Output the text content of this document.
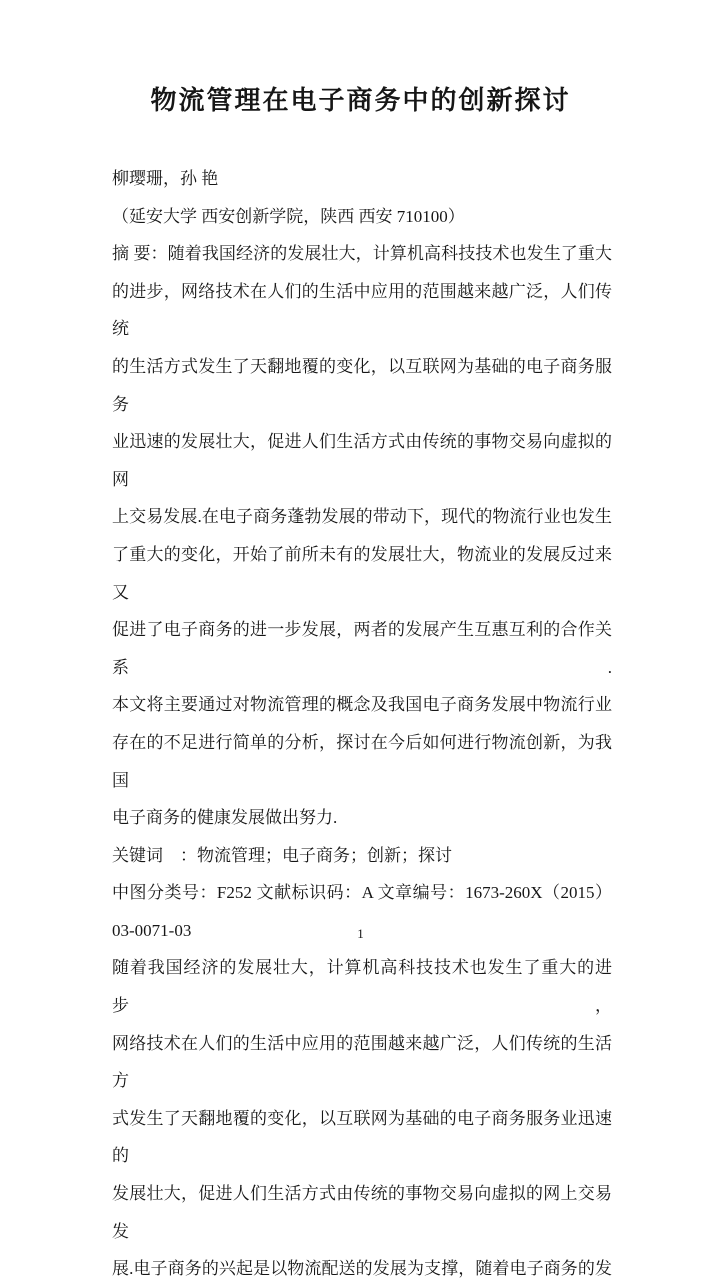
物流管理在电子商务中的创新探讨
柳璎珊，孙 艳
（延安大学 西安创新学院，陕西 西安 710100）
摘 要：随着我国经济的发展壮大，计算机高科技技术也发生了重大
的进步，网络技术在人们的生活中应用的范围越来越广泛，人们传统
的生活方式发生了天翻地覆的变化，以互联网为基础的电子商务服务
业迅速的发展壮大，促进人们生活方式由传统的事物交易向虚拟的网
上交易发展.在电子商务蓬勃发展的带动下，现代的物流行业也发生
了重大的变化，开始了前所未有的发展壮大，物流业的发展反过来又
促进了电子商务的进一步发展，两者的发展产生互惠互利的合作关系.
本文将主要通过对物流管理的概念及我国电子商务发展中物流行业
存在的不足进行简单的分析，探讨在今后如何进行物流创新，为我国
电子商务的健康发展做出努力.
关键词　：物流管理；电子商务；创新；探讨
中图分类号：F252 文献标识码：A 文章编号：1673-260X（2015）
03-0071-03
随着我国经济的发展壮大，计算机高科技技术也发生了重大的进步，
网络技术在人们的生活中应用的范围越来越广泛，人们传统的生活方
式发生了天翻地覆的变化，以互联网为基础的电子商务服务业迅速的
发展壮大，促进人们生活方式由传统的事物交易向虚拟的网上交易发
展.电子商务的兴起是以物流配送的发展为支撑，随着电子商务的发
1
